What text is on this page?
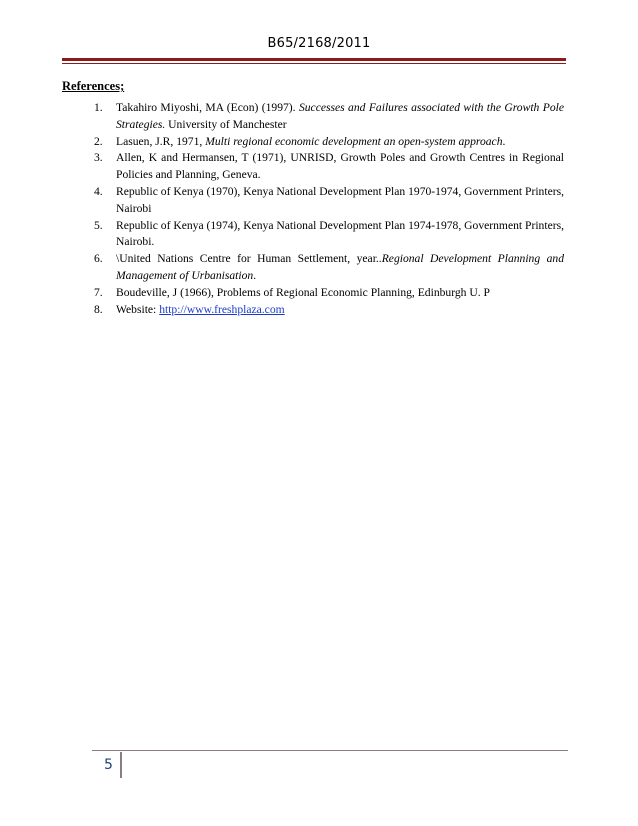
B65/2168/2011
References;
1. Takahiro Miyoshi, MA (Econ) (1997). Successes and Failures associated with the Growth Pole Strategies. University of Manchester
2. Lasuen, J.R, 1971, Multi regional economic development an open-system approach.
3. Allen, K and Hermansen, T (1971), UNRISD, Growth Poles and Growth Centres in Regional Policies and Planning, Geneva.
4. Republic of Kenya (1970), Kenya National Development Plan 1970-1974, Government Printers, Nairobi
5. Republic of Kenya (1974), Kenya National Development Plan 1974-1978, Government Printers, Nairobi.
6. \United Nations Centre for Human Settlement, year..Regional Development Planning and Management of Urbanisation.
7. Boudeville, J (1966), Problems of Regional Economic Planning, Edinburgh U. P
8. Website: http://www.freshplaza.com
5
